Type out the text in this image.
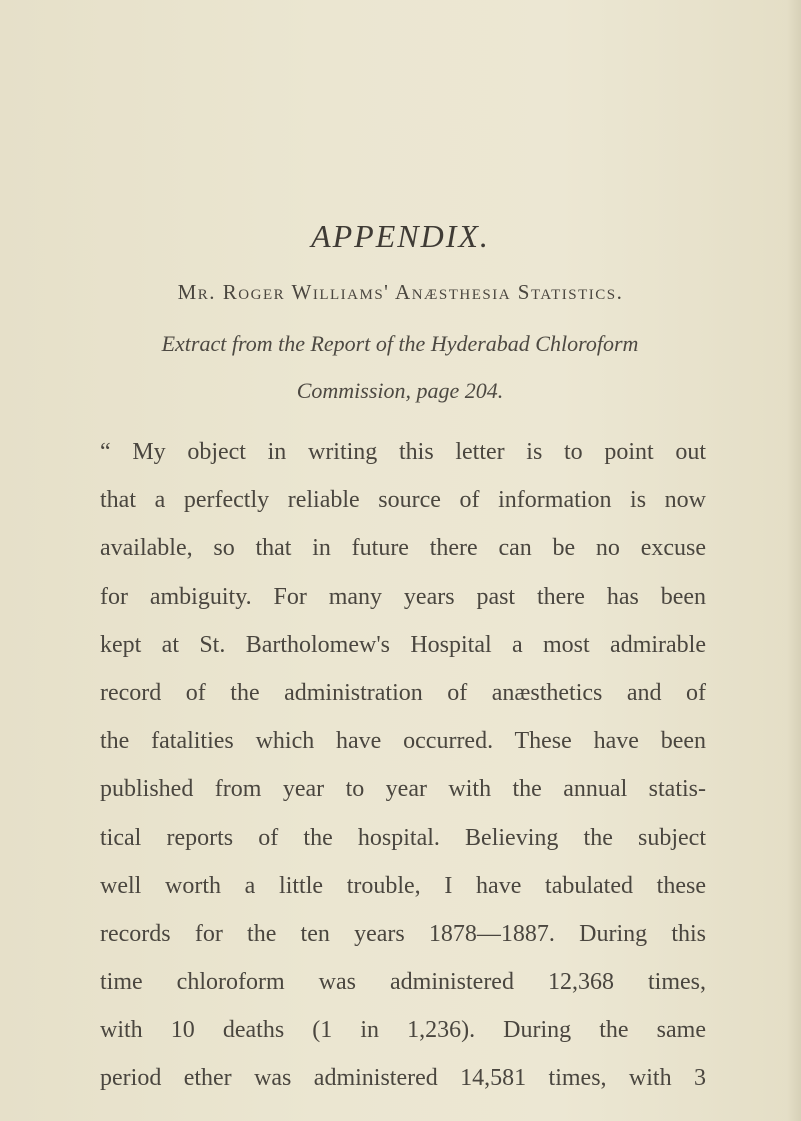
APPENDIX.
Mr. Roger Williams' Anæsthesia Statistics.
Extract from the Report of the Hyderabad Chloroform
Commission, page 204.
“ My object in writing this letter is to point out
that a perfectly reliable source of information is now
available, so that in future there can be no excuse
for ambiguity. For many years past there has been
kept at St. Bartholomew's Hospital a most admirable
record of the administration of anæsthetics and of
the fatalities which have occurred. These have been
published from year to year with the annual statis-
tical reports of the hospital. Believing the subject
well worth a little trouble, I have tabulated these
records for the ten years 1878—1887. During this
time chloroform was administered 12,368 times,
with 10 deaths (1 in 1,236). During the same
period ether was administered 14,581 times, with 3
